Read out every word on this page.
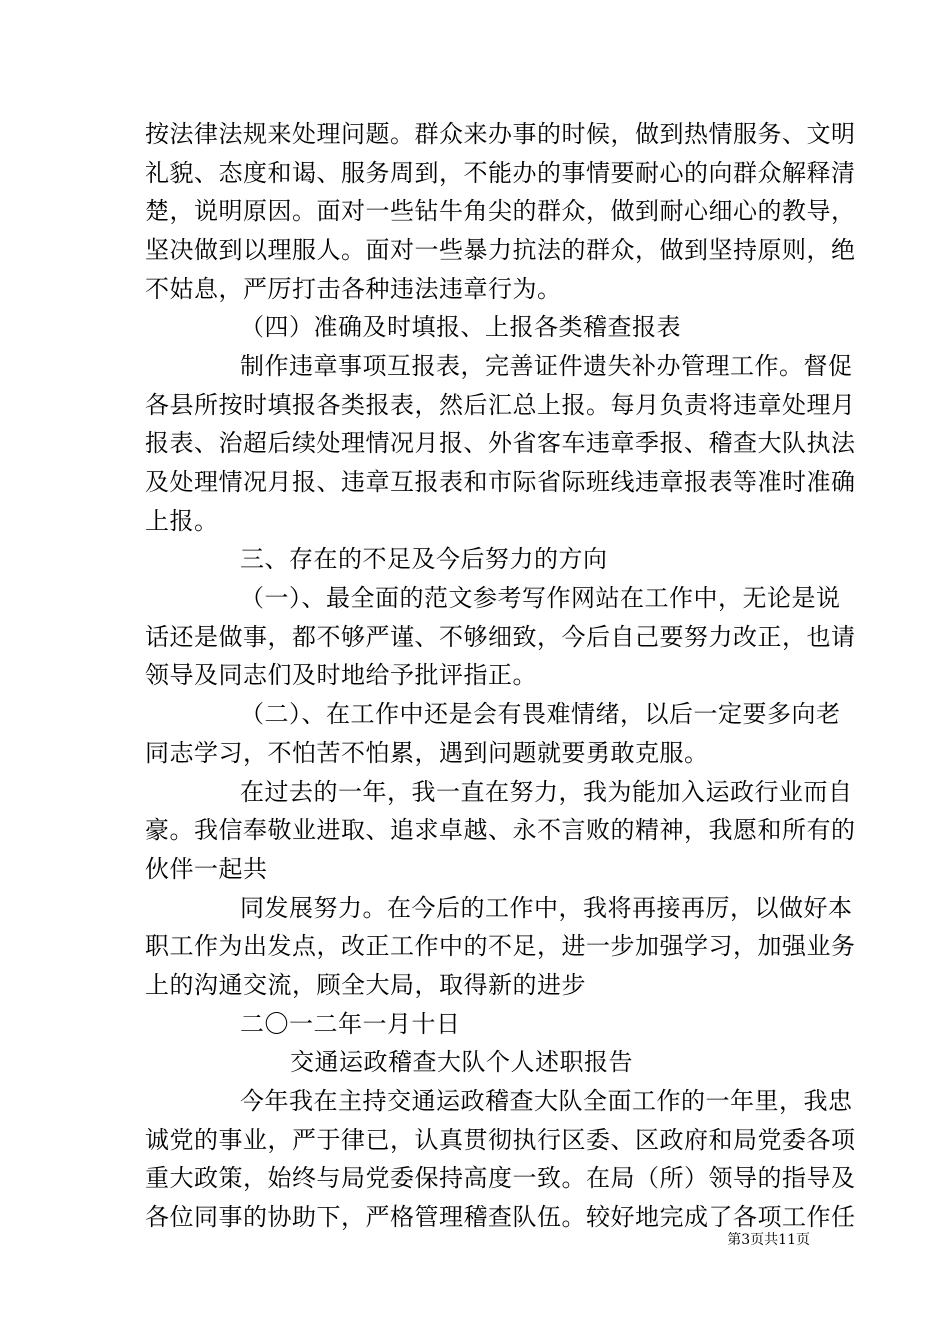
按法律法规来处理问题。群众来办事的时候，做到热情服务、文明
礼貌、态度和谒、服务周到，不能办的事情要耐心的向群众解释清
楚，说明原因。面对一些钻牛角尖的群众，做到耐心细心的教导，
坚决做到以理服人。面对一些暴力抗法的群众，做到坚持原则，绝
不姑息，严厉打击各种违法违章行为。
（四）准确及时填报、上报各类稽查报表
制作违章事项互报表，完善证件遗失补办管理工作。督促
各县所按时填报各类报表，然后汇总上报。每月负责将违章处理月
报表、治超后续处理情况月报、外省客车违章季报、稽查大队执法
及处理情况月报、违章互报表和市际省际班线违章报表等准时准确
上报。
三、存在的不足及今后努力的方向
（一）、最全面的范文参考写作网站在工作中，无论是说
话还是做事，都不够严谨、不够细致，今后自己要努力改正，也请
领导及同志们及时地给予批评指正。
（二）、在工作中还是会有畏难情绪，以后一定要多向老
同志学习，不怕苦不怕累，遇到问题就要勇敢克服。
在过去的一年，我一直在努力，我为能加入运政行业而自
豪。我信奉敬业进取、追求卓越、永不言败的精神，我愿和所有的
伙伴一起共
同发展努力。在今后的工作中，我将再接再厉，以做好本
职工作为出发点，改正工作中的不足，进一步加强学习，加强业务
上的沟通交流，顾全大局，取得新的进步
二〇一二年一月十日
交通运政稽查大队个人述职报告
今年我在主持交通运政稽查大队全面工作的一年里，我忠
诚党的事业，严于律已，认真贯彻执行区委、区政府和局党委各项
重大政策，始终与局党委保持高度一致。在局（所）领导的指导及
各位同事的协助下，严格管理稽查队伍。较好地完成了各项工作任
第3页共11页
